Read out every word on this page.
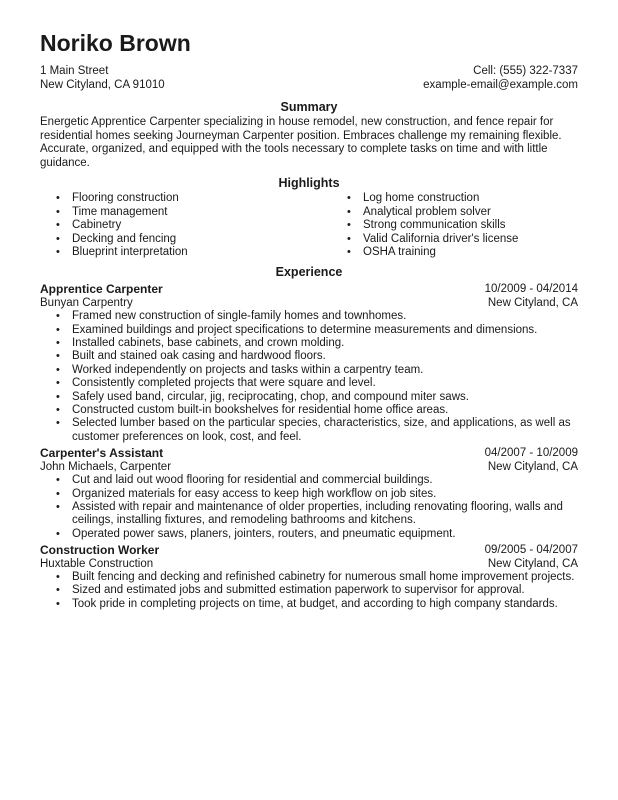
Noriko Brown
1 Main Street	Cell: (555) 322-7337
New Cityland, CA 91010	example-email@example.com
Summary

Energetic Apprentice Carpenter specializing in house remodel, new construction, and fence repair for residential homes seeking Journeyman Carpenter position. Embraces challenge my remaining flexible. Accurate, organized, and equipped with the tools necessary to complete tasks on time and with little guidance.

Highlights
• Flooring construction
• Time management
• Cabinetry
• Decking and fencing
• Blueprint interpretation
• Log home construction
• Analytical problem solver
• Strong communication skills
• Valid California driver's license
• OSHA training
Experience
Apprentice Carpenter	10/2009 - 04/2014
Bunyan Carpentry	New Cityland, CA
• Framed new construction of single-family homes and townhomes.
• Examined buildings and project specifications to determine measurements and dimensions.
• Installed cabinets, base cabinets, and crown molding.
• Built and stained oak casing and hardwood floors.
• Worked independently on projects and tasks within a carpentry team.
• Consistently completed projects that were square and level.
• Safely used band, circular, jig, reciprocating, chop, and compound miter saws.
• Constructed custom built-in bookshelves for residential home office areas.
• Selected lumber based on the particular species, characteristics, size, and applications, as well as customer preferences on look, cost, and feel.
Carpenter's Assistant	04/2007 - 10/2009
John Michaels, Carpenter	New Cityland, CA
• Cut and laid out wood flooring for residential and commercial buildings.
• Organized materials for easy access to keep high workflow on job sites.
• Assisted with repair and maintenance of older properties, including renovating flooring, walls and ceilings, installing fixtures, and remodeling bathrooms and kitchens.
• Operated power saws, planers, jointers, routers, and pneumatic equipment.
Construction Worker	09/2005 - 04/2007
Huxtable Construction	New Cityland, CA
• Built fencing and decking and refinished cabinetry for numerous small home improvement projects.
• Sized and estimated jobs and submitted estimation paperwork to supervisor for approval.
• Took pride in completing projects on time, at budget, and according to high company standards.
